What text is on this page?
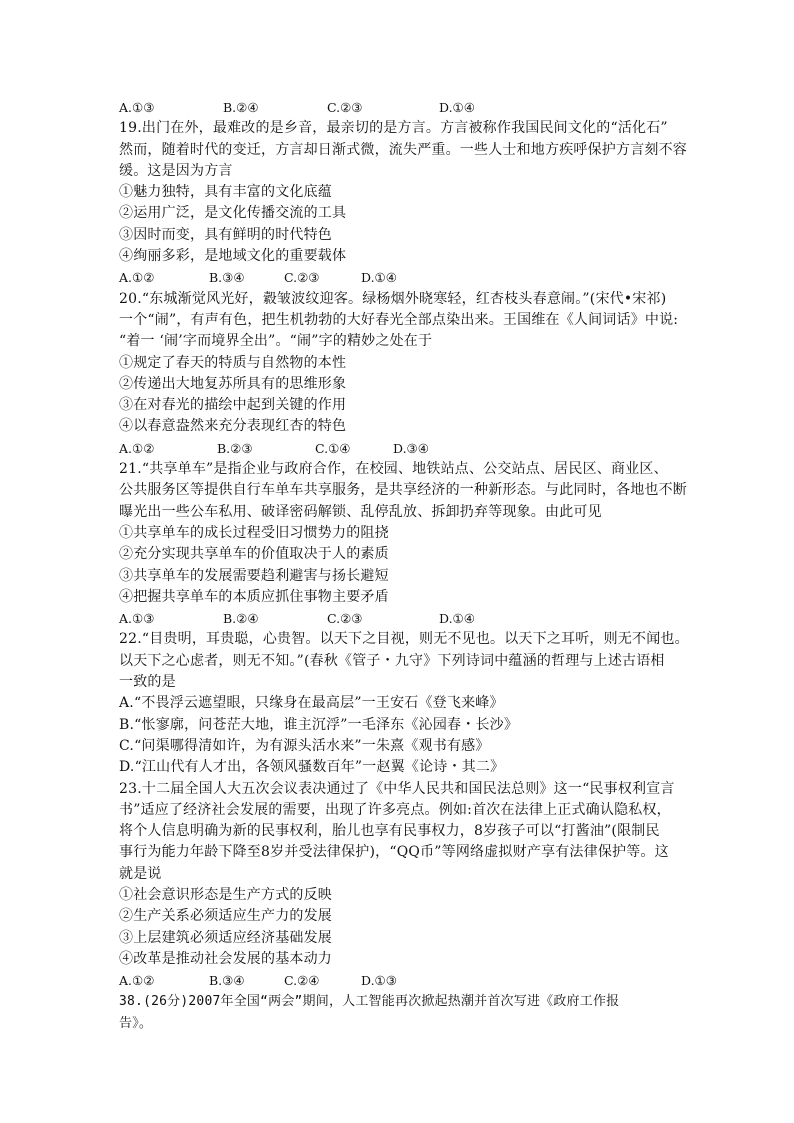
A.①③	B.②④	C.②③	D.①④
19.出门在外，最难改的是乡音，最亲切的是方言。方言被称作我国民间文化的“活化石”
然而，随着时代的变迁，方言却日渐式微，流失严重。一些人士和地方疾呼保护方言刻不容
缓。这是因为方言
①魅力独特，具有丰富的文化底蕴
②运用广泛，是文化传播交流的工具
③因时而变，具有鲜明的时代特色
④绚丽多彩，是地域文化的重要载体
A.①②	B.③④	C.②③	D.①④
20.“东城渐觉风光好，縠皱波纹迎客。绿杨烟外晓寒轻，红杏枝头春意闹。”(宋代•宋祁)
一个“闹”，有声有色，把生机勃勃的大好春光全部点染出来。王国维在《人间词话》中说:
“着一 ‘闹’字而境界全出”。“闹”字的精妙之处在于
①规定了春天的特质与自然物的本性
②传递出大地复苏所具有的思维形象
③在对春光的描绘中起到关键的作用
④以春意盎然来充分表现红杏的特色
A.①②	B.②③	C.①④	D.③④
21.“共享单车”是指企业与政府合作，在校园、地铁站点、公交站点、居民区、商业区、
公共服务区等提供自行车单车共享服务，是共享经济的一种新形态。与此同时，各地也不断
曝光出一些公车私用、破译密码解锁、乱停乱放、拆卸扔弃等现象。由此可见
①共享单车的成长过程受旧习惯势力的阻挠
②充分实现共享单车的价值取决于人的素质
③共享单车的发展需要趋利避害与扬长避短
④把握共享单车的本质应抓住事物主要矛盾
A.①③	B.②④	C.②③	D.①④
22.“目贵明，耳贵聪，心贵智。以天下之目视，则无不见也。以天下之耳听，则无不闻也。
以天下之心虑者，则无不知。”(春秋《管子・九守》下列诗词中蕴涵的哲理与上述古语相
一致的是
A.“不畏浮云遮望眼，只缘身在最高层”一王安石《登飞来峰》
B.“怅寥廓，问苍茫大地，谁主沉浮”一毛泽东《沁园春・长沙》
C.“问渠哪得清如许，为有源头活水来”一朱熹《观书有感》
D.“江山代有人才出，各领风骚数百年”一赵翼《论诗・其二》
23.十二届全国人大五次会议表决通过了《中华人民共和国民法总则》这一“民事权利宣言
书”适应了经济社会发展的需要，出现了许多亮点。例如:首次在法律上正式确认隐私权，
将个人信息明确为新的民事权利，胎儿也享有民事权力，8岁孩子可以“打酱油”(限制民
事行为能力年龄下降至8岁并受法律保护)，“QQ币”等网络虚拟财产享有法律保护等。这
就是说
①社会意识形态是生产方式的反映
②生产关系必须适应生产力的发展
③上层建筑必须适应经济基础发展
④改革是推动社会发展的基本动力
A.①②	B.③④	C.②④	D.①③
38.(26分)2007年全国“两会”期间，人工智能再次掀起热潮并首次写进《政府工作报
告》。
